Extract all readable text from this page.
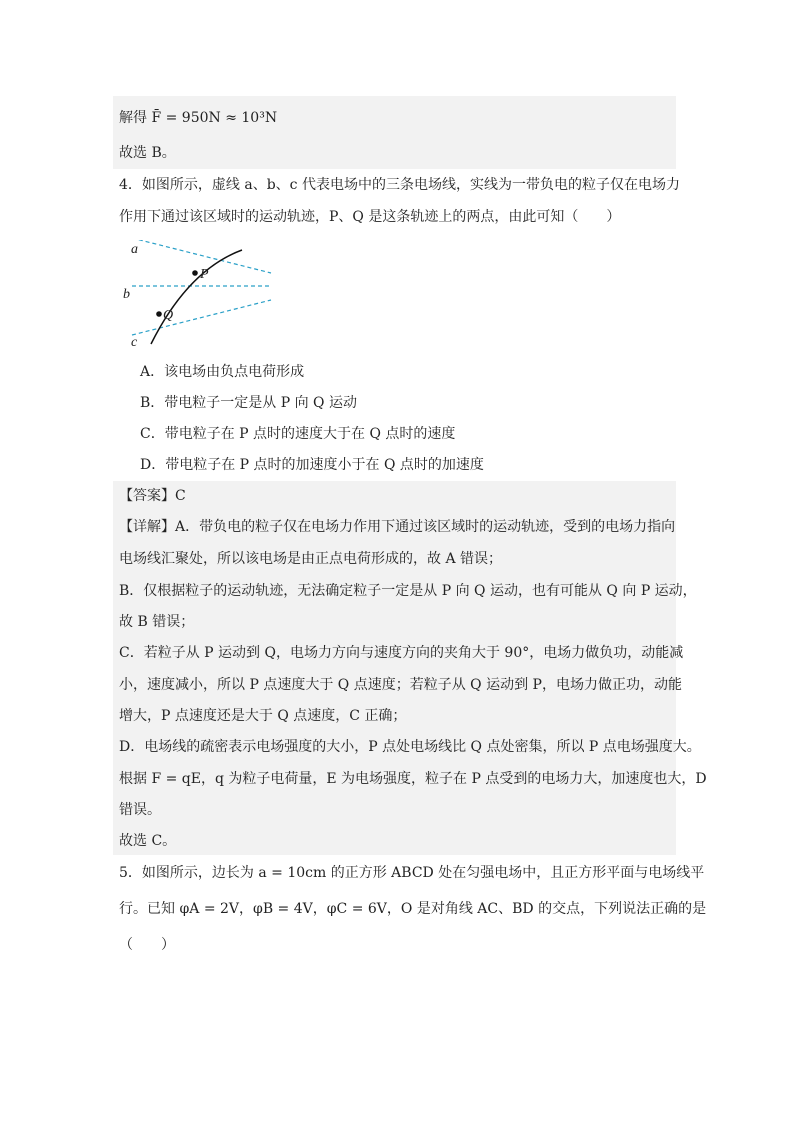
解得 F̄ = 950N ≈ 10³N
故选 B。
4．如图所示，虚线 a、b、c 代表电场中的三条电场线，实线为一带负电的粒子仅在电场力
作用下通过该区域时的运动轨迹，P、Q 是这条轨迹上的两点，由此可知（　　）
a
b
c
P
Q
A．该电场由负点电荷形成
B．带电粒子一定是从 P 向 Q 运动
C．带电粒子在 P 点时的速度大于在 Q 点时的速度
D．带电粒子在 P 点时的加速度小于在 Q 点时的加速度
【答案】C
【详解】A．带负电的粒子仅在电场力作用下通过该区域时的运动轨迹，受到的电场力指向
电场线汇聚处，所以该电场是由正点电荷形成的，故 A 错误；
B．仅根据粒子的运动轨迹，无法确定粒子一定是从 P 向 Q 运动，也有可能从 Q 向 P 运动，
故 B 错误；
C．若粒子从 P 运动到 Q，电场力方向与速度方向的夹角大于 90°，电场力做负功，动能减
小，速度减小，所以 P 点速度大于 Q 点速度；若粒子从 Q 运动到 P，电场力做正功，动能
增大，P 点速度还是大于 Q 点速度，C 正确；
D．电场线的疏密表示电场强度的大小，P 点处电场线比 Q 点处密集，所以 P 点电场强度大。
根据 F = qE，q 为粒子电荷量，E 为电场强度，粒子在 P 点受到的电场力大，加速度也大，D
错误。
故选 C。
5．如图所示，边长为 a = 10cm 的正方形 ABCD 处在匀强电场中，且正方形平面与电场线平
行。已知 φA = 2V，φB = 4V，φC = 6V，O 是对角线 AC、BD 的交点，下列说法正确的是
（　　）
